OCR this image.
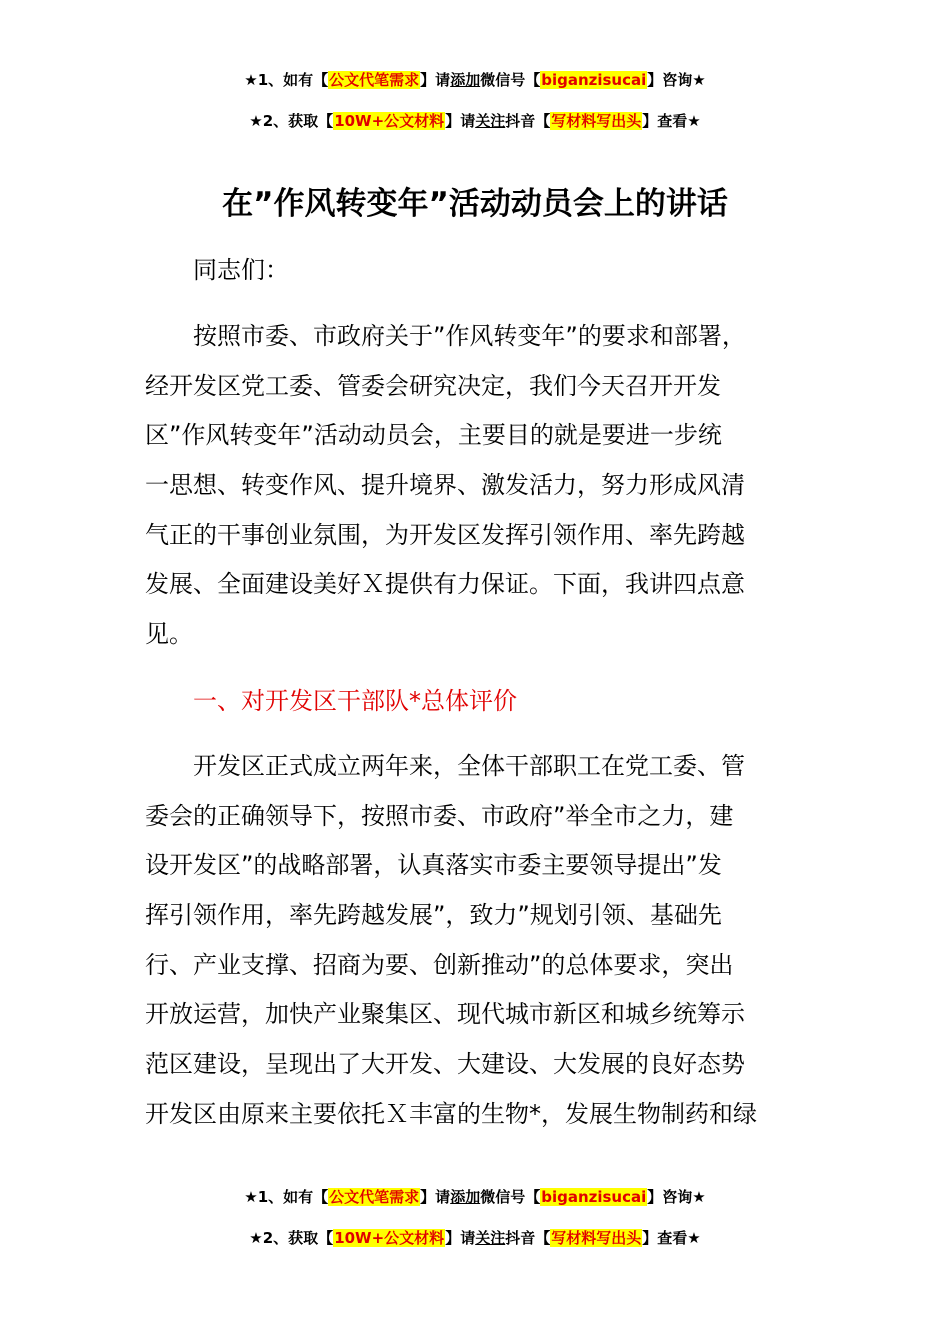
★1、如有【公文代笔需求】请添加微信号【biganzisucai】咨询★
★2、获取【10W+公文材料】请关注抖音【写材料写出头】查看★
在”作风转变年”活动动员会上的讲话
同志们：
按照市委、市政府关于”作风转变年”的要求和部署，
经开发区党工委、管委会研究决定，我们今天召开开发
区”作风转变年”活动动员会，主要目的就是要进一步统
一思想、转变作风、提升境界、激发活力，努力形成风清
气正的干事创业氛围，为开发区发挥引领作用、率先跨越
发展、全面建设美好Ｘ提供有力保证。下面，我讲四点意
见。
一、对开发区干部队*总体评价
开发区正式成立两年来，全体干部职工在党工委、管
委会的正确领导下，按照市委、市政府”举全市之力，建
设开发区”的战略部署，认真落实市委主要领导提出”发
挥引领作用，率先跨越发展”，致力”规划引领、基础先
行、产业支撑、招商为要、创新推动”的总体要求，突出
开放运营，加快产业聚集区、现代城市新区和城乡统筹示
范区建设，呈现出了大开发、大建设、大发展的良好态势
开发区由原来主要依托Ｘ丰富的生物*，发展生物制药和绿
★1、如有【公文代笔需求】请添加微信号【biganzisucai】咨询★
★2、获取【10W+公文材料】请关注抖音【写材料写出头】查看★
